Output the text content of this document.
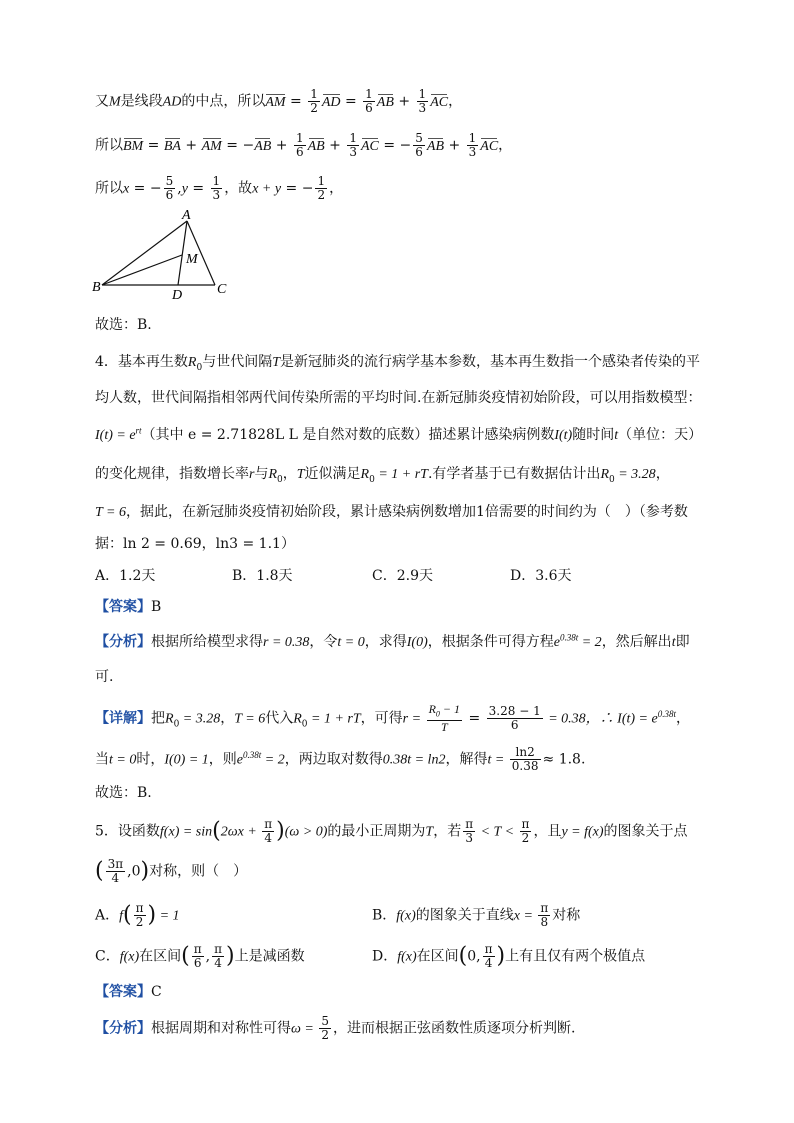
又M是线段AD的中点，所以AM = $\frac{1}{2}$ AD = $\frac{1}{6}$ AB + $\frac{1}{3}$ AC，
所以BM = BA + AM = $-AB + \frac{1}{6}$ AB + $\frac{1}{3}$ AC = − $\frac{5}{6}$ AB + $\frac{1}{3}$ AC，
所以x = − $\frac{5}{6} ,y = \frac{1}{3}$ ，故x + y = − $\frac{1}{2}$ ，
A
B	C
D
M
故选：B.
4．基本再生数$R_0$与世代间隔T是新冠肺炎的流行病学基本参数，基本再生数指一个感染者传染的平
均人数，世代间隔指相邻两代间传染所需的平均时间.在新冠肺炎疫情初始阶段，可以用指数模型：
$I(t) = e^{rt}$（其中 e = 2.71828L L 是自然对数的底数）描述累计感染病例数I(t)随时间t（单位：天）
的变化规律，指数增长率r与$R_0$，T近似满足$R_0 = 1$ + rT.有学者基于已有数据估计出$R_0 = 3.28$，
T = 6，据此，在新冠肺炎疫情初始阶段，累计感染病例数增加1倍需要的时间约为（　）（参考数
据：ln 2 = 0.69，ln3 = 1.1）
A．1.2天	B．1.8天	C．2.9天	D．3.6天
【答案】B
【分析】根据所给模型求得r = 0.38，令t = 0，求得I(0)，根据条件可得方程$e^{0.38t} = 2$，然后解出t即
可.
【详解】把$R_0 = 3.28$，T = 6代入$R_0 = 1$ + rT，可得$r = \frac{R_0 - 1}{T} = \frac{3.28 - 1}{6} = 0.38$，∴ $I(t) = e^{0.38t}$，
当t = 0时，I(0) = 1，则$e^{0.38t} = 2$，两边取对数得0.38t = ln2，解得$t = \frac{\ln 2}{0.38} \approx 1.8$.
故选：B.
5．设函数$f(x) = \sin(2\omega x + \frac{\pi}{4} )(\omega > 0)$的最小正周期为T，若 $\frac{\pi}{3} < T < \frac{\pi}{2}$ ，且y = f(x)的图象关于点
( $\frac{3\pi}{4} ,0$)对称，则（　）
A．$f( \frac{\pi}{2}$ ) = 1	B．f(x)的图象关于直线$x = \frac{\pi}{8}$ 对称
C．f(x)在区间( $\frac{\pi}{6}$ , $\frac{\pi}{4}$ )上是减函数	D．f(x)在区间(0, $\frac{\pi}{4}$ )上有且仅有两个极值点
【答案】C
【分析】根据周期和对称性可得$\omega = \frac{5}{2}$ ，进而根据正弦函数性质逐项分析判断.
